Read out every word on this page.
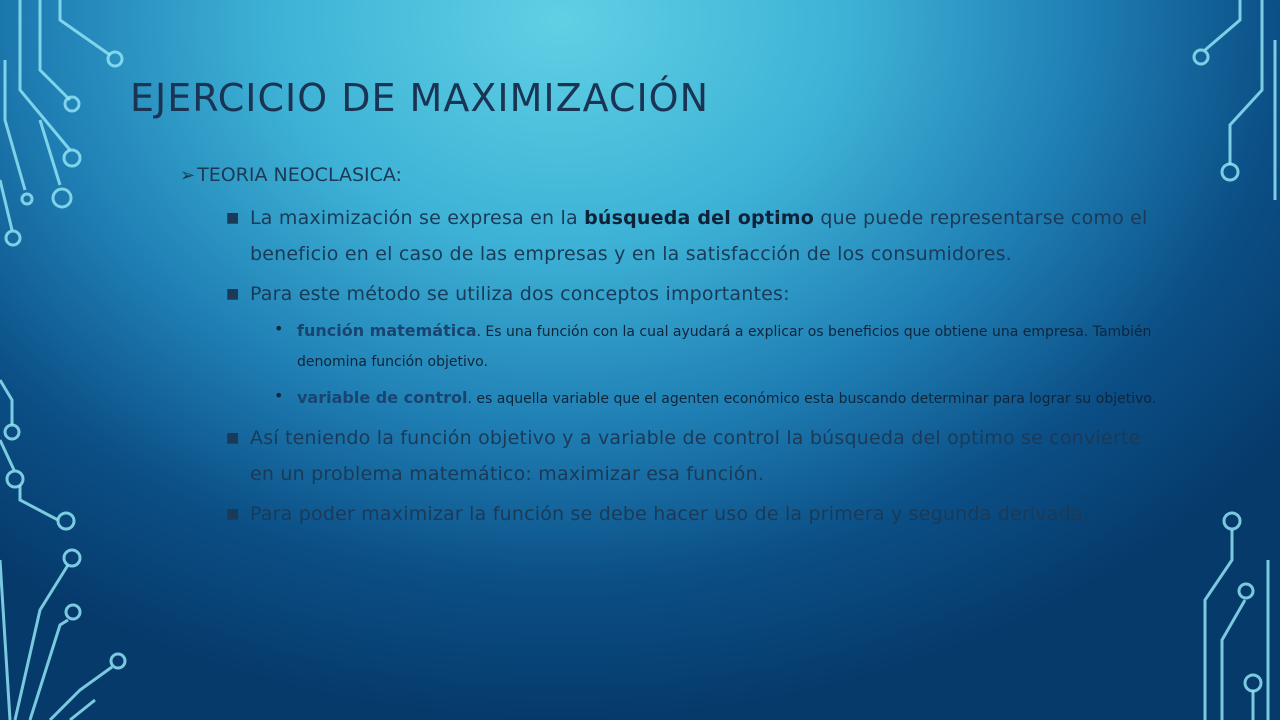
EJERCICIO DE MAXIMIZACIÓN

➢ TEORIA NEOCLASICA:

■ La maximización se expresa en la búsqueda del optimo que puede representarse como el beneficio en el caso de las empresas y en la satisfacción de los consumidores.

■ Para este método se utiliza dos conceptos importantes:

• función matemática. Es una función con la cual ayudará a explicar os beneficios que obtiene una empresa. También denomina función objetivo.

• variable de control. es aquella variable que el agenten económico esta buscando determinar para lograr su objetivo.

■ Así teniendo la función objetivo y a variable de control la búsqueda del optimo se convierte en un problema matemático: maximizar esa función.

■ Para poder maximizar la función se debe hacer uso de la primera y segunda derivada.
